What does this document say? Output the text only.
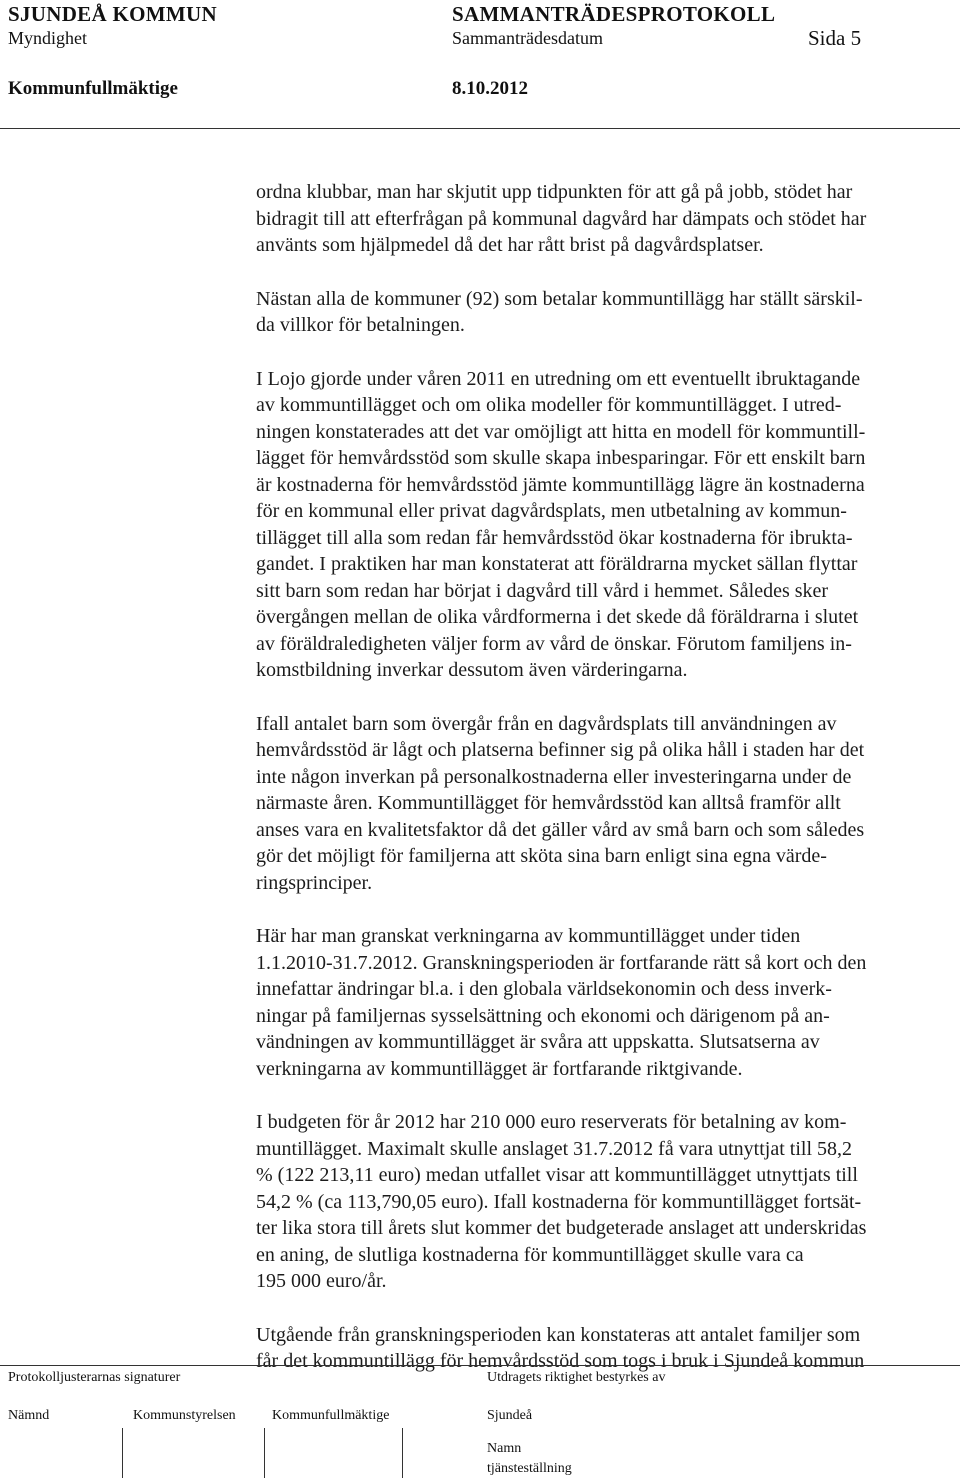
SJUNDEÅ KOMMUN	SAMMANTRÄDESPROTOKOLL
Myndighet	Sammanträdesdatum	Sida 5
Kommunfullmäktige	8.10.2012

ordna klubbar, man har skjutit upp tidpunkten för att gå på jobb, stödet har
bidragit till att efterfrågan på kommunal dagvård har dämpats och stödet har
använts som hjälpmedel då det har rått brist på dagvårdsplatser.

Nästan alla de kommuner (92) som betalar kommuntillägg har ställt särskil-
da villkor för betalningen.

I Lojo gjorde under våren 2011 en utredning om ett eventuellt ibruktagande
av kommuntillägget och om olika modeller för kommuntillägget. I utred-
ningen konstaterades att det var omöjligt att hitta en modell för kommuntill-
lägget för hemvårdsstöd som skulle skapa inbesparingar. För ett enskilt barn
är kostnaderna för hemvårdsstöd jämte kommuntillägg lägre än kostnaderna
för en kommunal eller privat dagvårdsplats, men utbetalning av kommun-
tillägget till alla som redan får hemvårdsstöd ökar kostnaderna för ibrukta-
gandet. I praktiken har man konstaterat att föräldrarna mycket sällan flyttar
sitt barn som redan har börjat i dagvård till vård i hemmet. Således sker
övergången mellan de olika vårdformerna i det skede då föräldrarna i slutet
av föräldraledigheten väljer form av vård de önskar. Förutom familjens in-
komstbildning inverkar dessutom även värderingarna.

Ifall antalet barn som övergår från en dagvårdsplats till användningen av
hemvårdsstöd är lågt och platserna befinner sig på olika håll i staden har det
inte någon inverkan på personalkostnaderna eller investeringarna under de
närmaste åren. Kommuntillägget för hemvårdsstöd kan alltså framför allt
anses vara en kvalitetsfaktor då det gäller vård av små barn och som således
gör det möjligt för familjerna att sköta sina barn enligt sina egna värde-
ringsprinciper.

Här har man granskat verkningarna av kommuntillägget under tiden
1.1.2010-31.7.2012. Granskningsperioden är fortfarande rätt så kort och den
innefattar ändringar bl.a. i den globala världsekonomin och dess inverk-
ningar på familjernas sysselsättning och ekonomi och därigenom på an-
vändningen av kommuntillägget är svåra att uppskatta. Slutsatserna av
verkningarna av kommuntillägget är fortfarande riktgivande.

I budgeten för år 2012 har 210 000 euro reserverats för betalning av kom-
muntillägget. Maximalt skulle anslaget 31.7.2012 få vara utnyttjat till 58,2
% (122 213,11 euro) medan utfallet visar att kommuntillägget utnyttjats till
54,2 % (ca 113,790,05 euro). Ifall kostnaderna för kommuntillägget fortsät-
ter lika stora till årets slut kommer det budgeterade anslaget att underskridas
en aning, de slutliga kostnaderna för kommuntillägget skulle vara ca
195 000 euro/år.

Utgående från granskningsperioden kan konstateras att antalet familjer som
får det kommuntillägg för hemvårdsstöd som togs i bruk i Sjundeå kommun

Protokolljusterarnas signaturer	Utdragets riktighet bestyrkes av
Nämnd	Kommunstyrelsen	Kommunfullmäktige	Sjundeå
Namn
tjänsteställning
